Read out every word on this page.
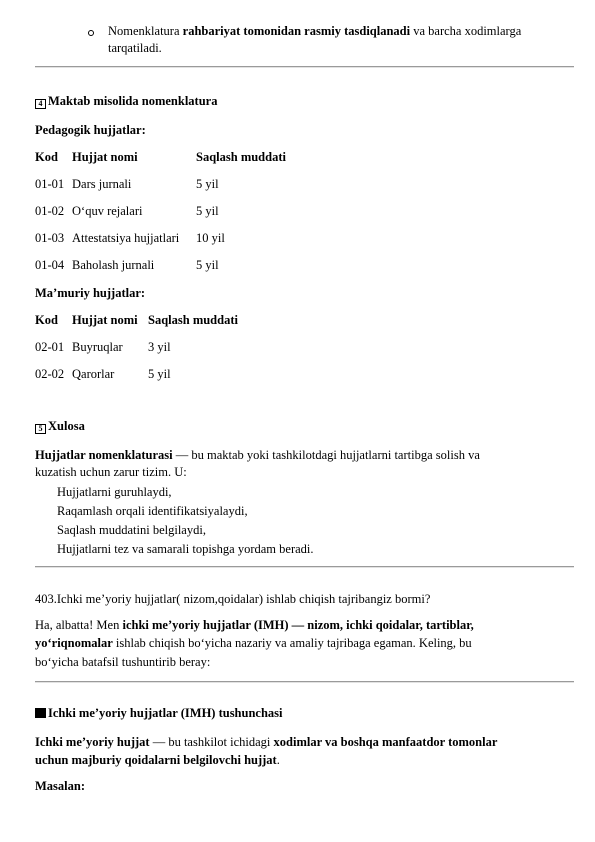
Nomenklatura rahbariyat tomonidan rasmiy tasdiqlanadi va barcha xodimlarga
tarqatiladi.
4 Maktab misolida nomenklatura
Pedagogik hujjatlar:
Kod Hujjat nomi	Saqlash muddati
01-01 Dars jurnali	5 yil
01-02 O‘quv rejalari	5 yil
01-03 Attestatsiya hujjatlari 10 yil
01-04 Baholash jurnali	5 yil
Ma’muriy hujjatlar:
Kod Hujjat nomi Saqlash muddati
02-01 Buyruqlar 3 yil
02-02 Qarorlar	5 yil
5 Xulosa
Hujjatlar nomenklaturasi — bu maktab yoki tashkilotdagi hujjatlarni tartibga solish va
kuzatish uchun zarur tizim. U:
Hujjatlarni guruhlaydi,
Raqamlash orqali identifikatsiyalaydi,
Saqlash muddatini belgilaydi,
Hujjatlarni tez va samarali topishga yordam beradi.
403.Ichki me’yoriy hujjatlar( nizom,qoidalar) ishlab chiqish tajribangiz bormi?
Ha, albatta! Men ichki me’yoriy hujjatlar (IMH) — nizom, ichki qoidalar, tartiblar,
yo‘riqnomalar ishlab chiqish bo‘yicha nazariy va amaliy tajribaga egaman. Keling, bu
bo‘yicha batafsil tushuntirib beray:
Ichki me’yoriy hujjatlar (IMH) tushunchasi
Ichki me’yoriy hujjat — bu tashkilot ichidagi xodimlar va boshqa manfaatdor tomonlar
uchun majburiy qoidalarni belgilovchi hujjat.
Masalan:
